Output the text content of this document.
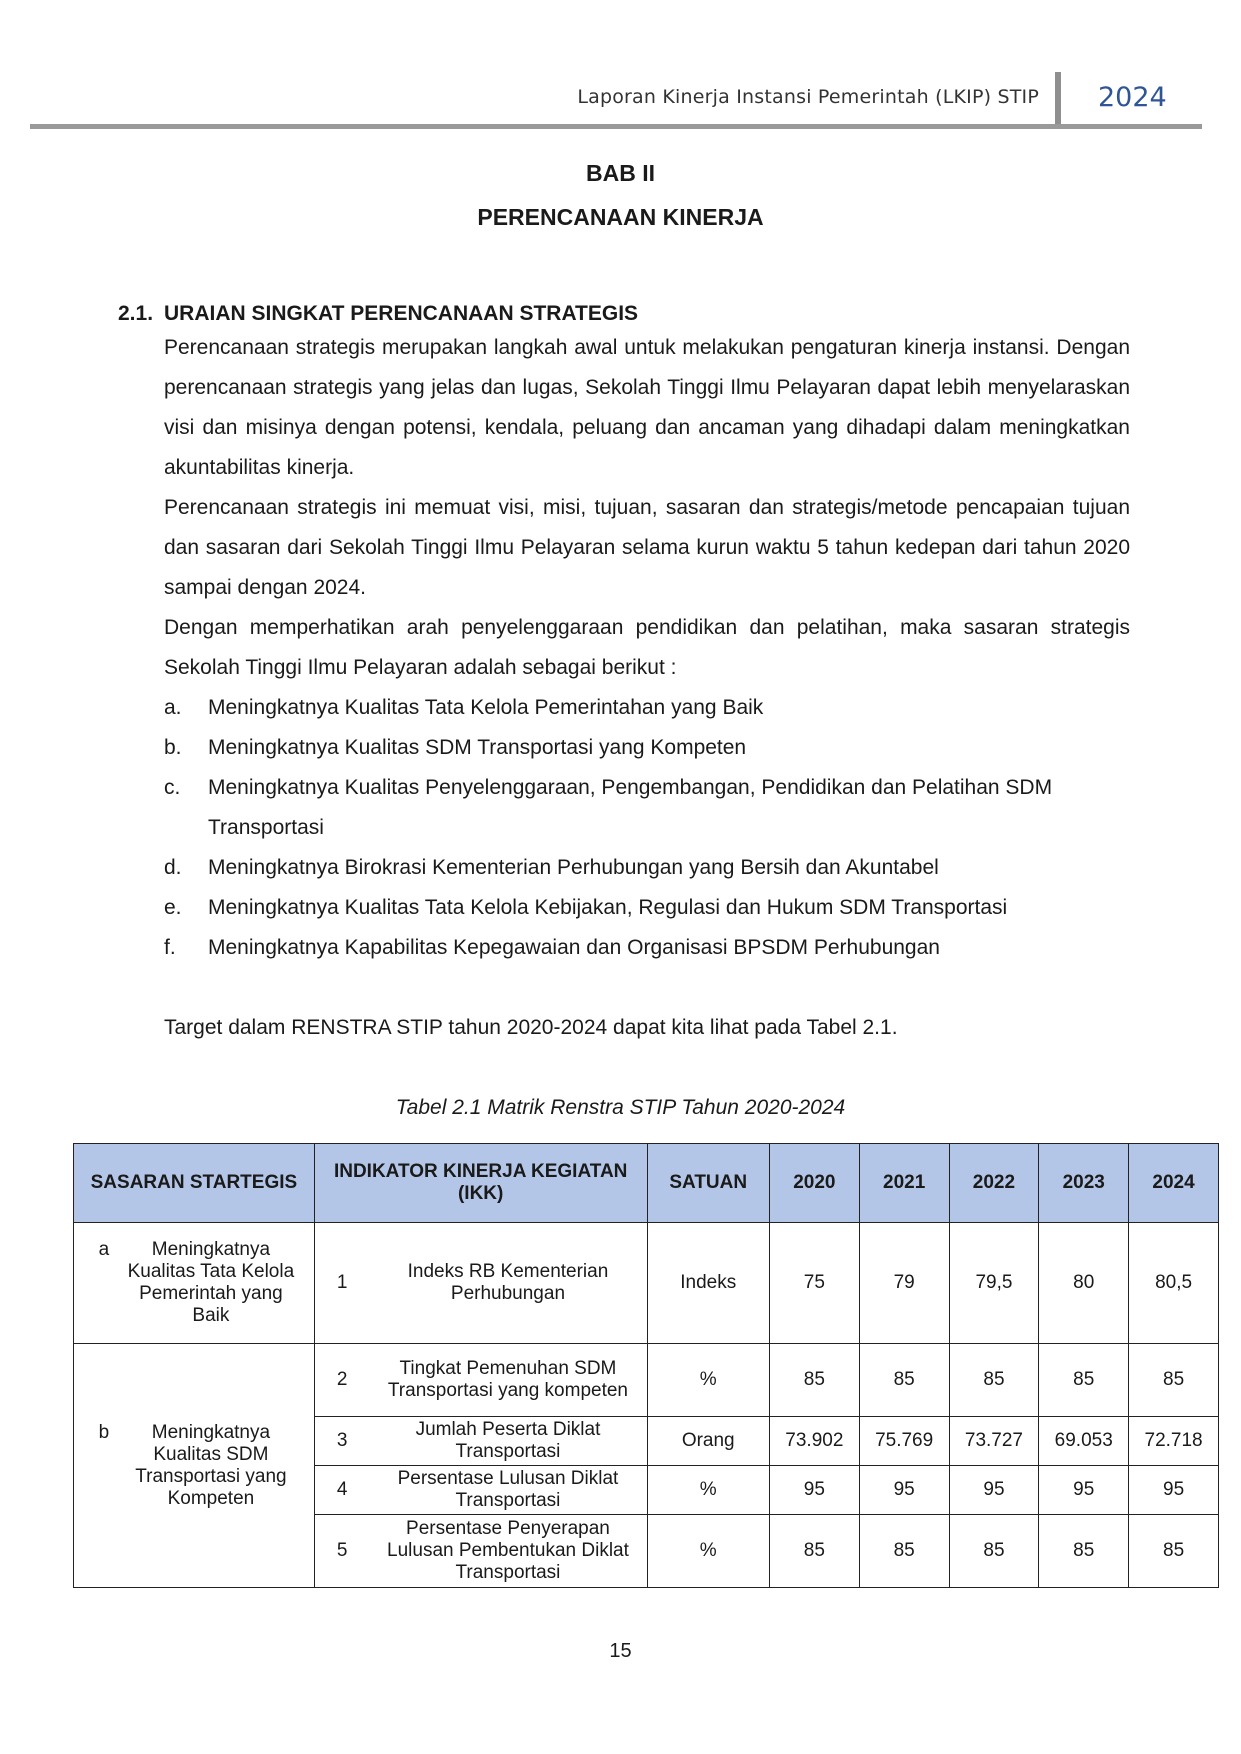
Laporan Kinerja Instansi Pemerintah (LKIP) STIP 2024
BAB II
PERENCANAAN KINERJA
2.1. URAIAN SINGKAT PERENCANAAN STRATEGIS
Perencanaan strategis merupakan langkah awal untuk melakukan pengaturan kinerja instansi. Dengan perencanaan strategis yang jelas dan lugas, Sekolah Tinggi Ilmu Pelayaran dapat lebih menyelaraskan visi dan misinya dengan potensi, kendala, peluang dan ancaman yang dihadapi dalam meningkatkan akuntabilitas kinerja.
Perencanaan strategis ini memuat visi, misi, tujuan, sasaran dan strategis/metode pencapaian tujuan dan sasaran dari Sekolah Tinggi Ilmu Pelayaran selama kurun waktu 5 tahun kedepan dari tahun 2020 sampai dengan 2024.
Dengan memperhatikan arah penyelenggaraan pendidikan dan pelatihan, maka sasaran strategis Sekolah Tinggi Ilmu Pelayaran adalah sebagai berikut :
a. Meningkatnya Kualitas Tata Kelola Pemerintahan yang Baik
b. Meningkatnya Kualitas SDM Transportasi yang Kompeten
c. Meningkatnya Kualitas Penyelenggaraan, Pengembangan, Pendidikan dan Pelatihan SDM Transportasi
d. Meningkatnya Birokrasi Kementerian Perhubungan yang Bersih dan Akuntabel
e. Meningkatnya Kualitas Tata Kelola Kebijakan, Regulasi dan Hukum SDM Transportasi
f. Meningkatnya Kapabilitas Kepegawaian dan Organisasi BPSDM Perhubungan
Target dalam RENSTRA STIP tahun 2020-2024 dapat kita lihat pada Tabel 2.1.
Tabel 2.1 Matrik Renstra STIP Tahun 2020-2024
SASARAN STARTEGIS	INDIKATOR KINERJA KEGIATAN (IKK)		SATUAN	2020	2021	2022	2023	2024
a Meningkatnya Kualitas Tata Kelola Pemerintah yang Baik	1	Indeks RB Kementerian Perhubungan	Indeks	75	79	79,5	80	80,5
b Meningkatnya Kualitas SDM Transportasi yang Kompeten	2	Tingkat Pemenuhan SDM Transportasi yang kompeten	%	85	85	85	85	85
	3	Jumlah Peserta Diklat Transportasi	Orang	73.902	75.769	73.727	69.053	72.718
	4	Persentase Lulusan Diklat Transportasi	%	95	95	95	95	95
	5	Persentase Penyerapan Lulusan Pembentukan Diklat Transportasi	%	85	85	85	85	85
15
